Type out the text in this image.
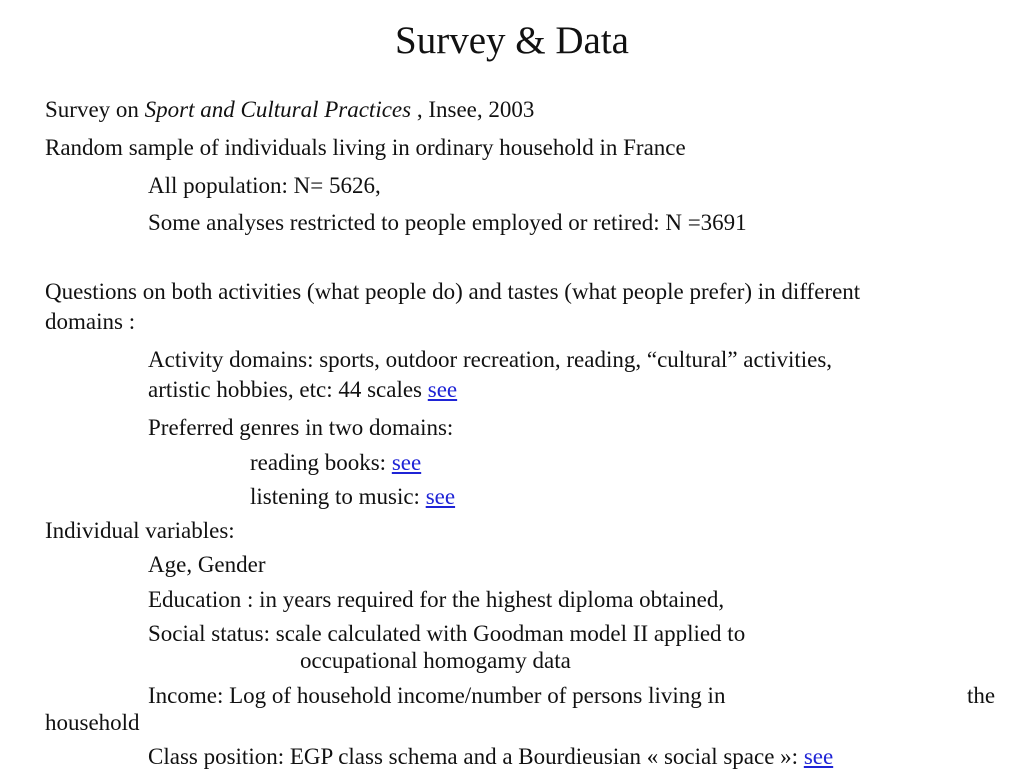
Survey & Data
Survey on Sport and Cultural Practices , Insee, 2003
Random sample of individuals living in ordinary household in France
All population: N= 5626,
Some analyses restricted to people employed or retired: N =3691
Questions on both activities (what people do) and tastes (what people prefer) in different
domains :
Activity domains: sports, outdoor recreation, reading, “cultural” activities,
artistic hobbies, etc: 44 scales see
Preferred genres in two domains:
reading books: see
listening to music: see
Individual variables:
Age, Gender
Education : in years required for the highest diploma obtained,
Social status: scale calculated with Goodman model II applied to
occupational homogamy data
Income: Log of household income/number of persons living in	the
household
Class position: EGP class schema and a Bourdieusian « social space »: see
